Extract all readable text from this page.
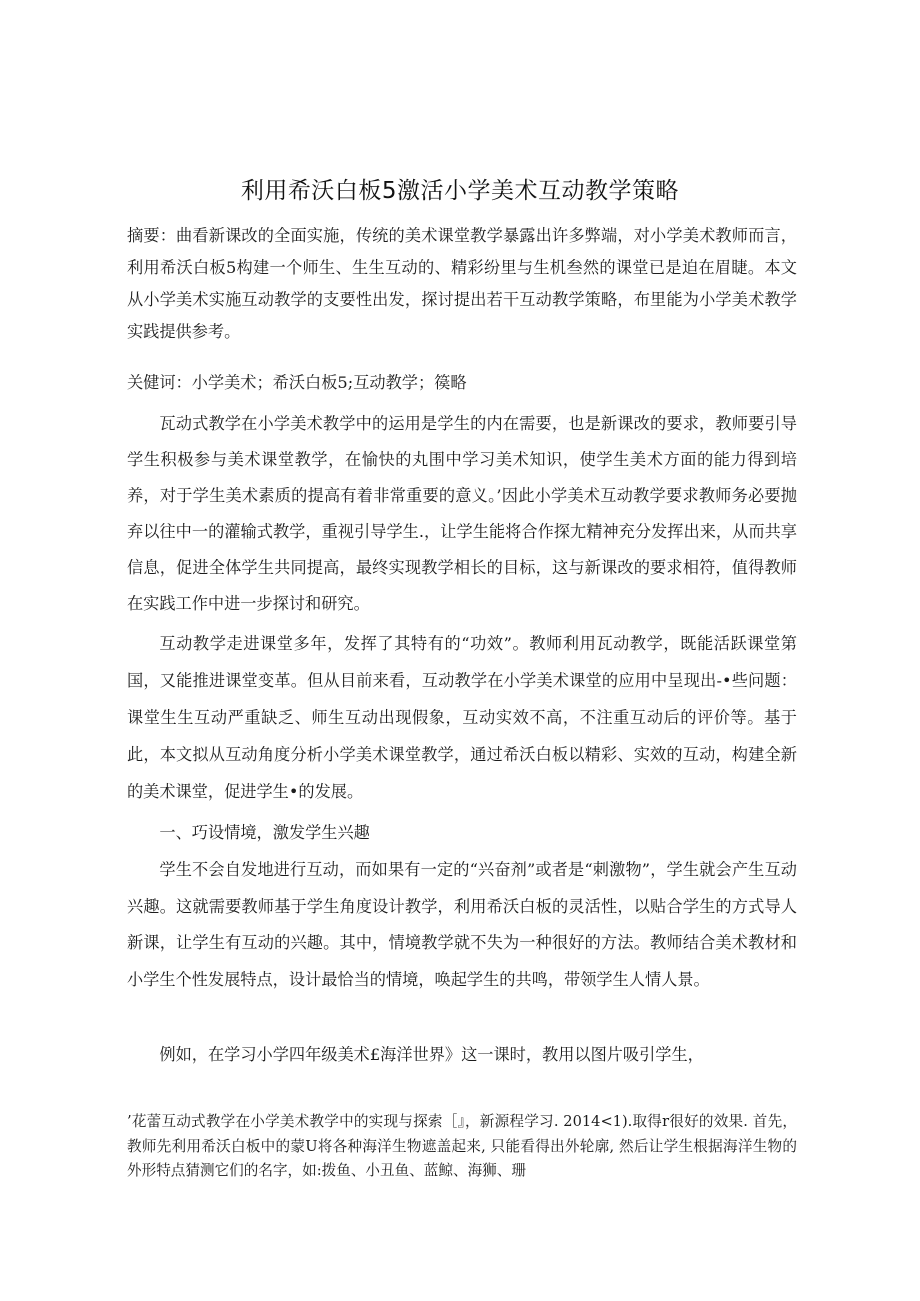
利用希沃白板5激活小学美术互动教学策略

摘要：曲看新课改的全面实施，传统的美术课堂教学暴露出许多弊端，对小学美术教师而言，利用希沃白板5构建一个师生、生生互动的、精彩纷里与生机叁然的课堂已是迫在眉睫。本文从小学美术实施互动教学的支要性出发，探讨提出若干互动教学策略，布里能为小学美术教学实践提供参考。

关健诃：小学美术；希沃白板5;互动教学；篌略

瓦动式教学在小学美术教学中的运用是学生的内在需要，也是新课改的要求，教师要引导学生积极参与美术课堂教学，在愉快的丸围中学习美术知识，使学生美术方面的能力得到培养，对于学生美术素质的提高有着非常重要的意义。’因此小学美术互动教学要求教师务必要抛弃以往中一的灌输式教学，重视引导学生.，让学生能将合作探尢精神充分发挥出来，从而共享信息，促进全体学生共同提高，最终实现教学相长的目标，这与新课改的要求相符，值得教师在实践工作中进一步探讨和研究。

互动教学走进课堂多年，发挥了其特有的“功效”。教师利用瓦动教学，既能活跃课堂第国，又能推进课堂变革。但从目前来看，互动教学在小学美术课堂的应用中呈现出-•些问题：课堂生生互动严重缺乏、师生互动出现假象，互动实效不高，不注重互动后的评价等。基于此，本文拟从互动角度分析小学美术课堂教学，通过希沃白板以精彩、实效的互动，构建全新的美术课堂，促进学生•的发展。

一、巧设情境，激发学生兴趣

学生不会自发地进行互动，而如果有一定的“兴奋剂”或者是“刺激物”，学生就会产生互动兴趣。这就需要教师基于学生角度设计教学，利用希沃白板的灵活性，以贴合学生的方式导人新课，让学生有互动的兴趣。其中，情境教学就不失为一种很好的方法。教师结合美术教材和小学生个性发展特点，设计最恰当的情境，唤起学生的共鸣，带领学生人情人景。

例如，在学习小学四年级美术£海洋世界》这一课时，教用以图片吸引学生，

’花蕾互动式教学在小学美术教学中的实现与探索［』，新源程学习. 2014<1).取得r很好的效果. 首先，教师先利用希沃白板中的蒙U将各种海洋生物遮盖起来, 只能看得出外轮廓, 然后让学生根据海洋生物的外形特点猜测它们的名字，如:拨鱼、小丑鱼、蓝鲸、海狮、珊
